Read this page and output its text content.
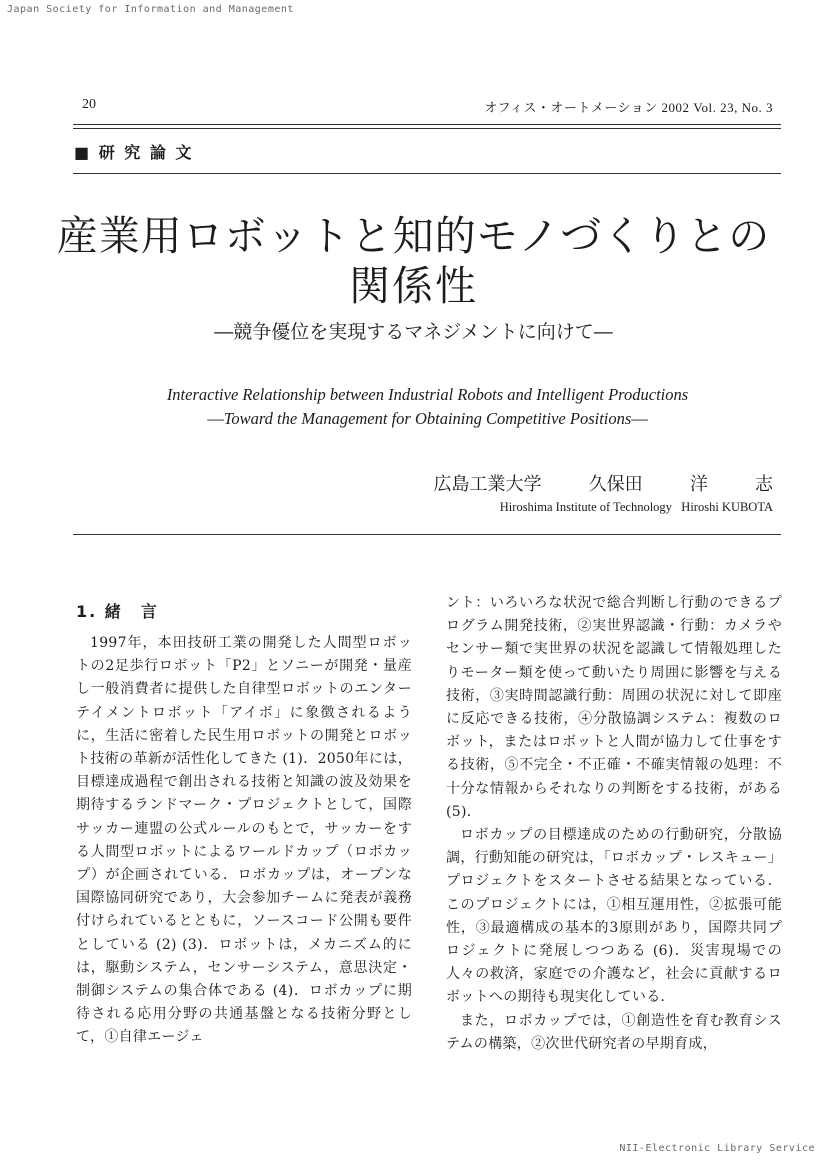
Japan Society for Information and Management
20	オフィス・オートメーション 2002 Vol. 23, No. 3
■ 研 究 論 文
産業用ロボットと知的モノづくりとの
関係性
―競争優位を実現するマネジメントに向けて―
Interactive Relationship between Industrial Robots and Intelligent Productions
―Toward the Management for Obtaining Competitive Positions―
広島工業大学   久保田   洋   志
Hiroshima Institute of Technology   Hiroshi KUBOTA
1. 緒　言

1997年，本田技研工業の開発した人間型ロボットの2足歩行ロボット「P2」とソニーが開発・量産し一般消費者に提供した自律型ロボットのエンターテイメントロボット「アイボ」に象徴されるように，生活に密着した民生用ロボットの開発とロボット技術の革新が活性化してきた (1)．2050年には，目標達成過程で創出される技術と知識の波及効果を期待するランドマーク・プロジェクトとして，国際サッカー連盟の公式ルールのもとで，サッカーをする人間型ロボットによるワールドカップ（ロボカップ）が企画されている．ロボカップは，オープンな国際協同研究であり，大会参加チームに発表が義務付けられているとともに，ソースコード公開も要件としている (2) (3)．ロボットは，メカニズム的には，駆動システム，センサーシステム，意思決定・制御システムの集合体である (4)．ロボカップに期待される応用分野の共通基盤となる技術分野として，①自律エージェ

ント：いろいろな状況で総合判断し行動のできるプログラム開発技術，②実世界認識・行動：カメラやセンサー類で実世界の状況を認識して情報処理したりモーター類を使って動いたり周囲に影響を与える技術，③実時間認識行動：周囲の状況に対して即座に反応できる技術，④分散協調システム：複数のロボット，またはロボットと人間が協力して仕事をする技術，⑤不完全・不正確・不確実情報の処理：不十分な情報からそれなりの判断をする技術，がある (5)．

ロボカップの目標達成のための行動研究，分散協調，行動知能の研究は，「ロボカップ・レスキュー」プロジェクトをスタートさせる結果となっている．このプロジェクトには，①相互運用性，②拡張可能性，③最適構成の基本的3原則があり，国際共同プロジェクトに発展しつつある (6)．災害現場での人々の救済，家庭での介護など，社会に貢献するロボットへの期待も現実化している．

また，ロボカップでは，①創造性を育む教育システムの構築，②次世代研究者の早期育成，

NII-Electronic Library Service
